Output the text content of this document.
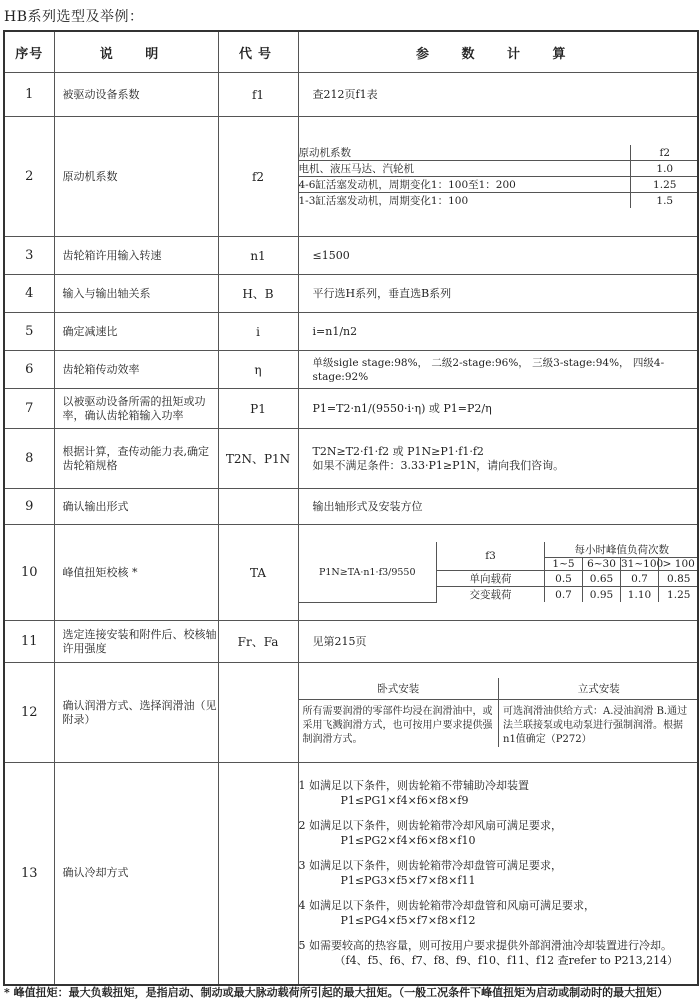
HB系列选型及举例：
序号	说 明	代号	参 数 计 算
1	被驱动设备系数	f1	查212页f1表
2	原动机系数	f2	
原动机系数	f2
电机、液压马达、汽轮机	1.0
4-6缸活塞发动机，周期变化1：100至1：200	1.25
1-3缸活塞发动机，周期变化1：100	1.5

3	齿轮箱许用输入转速	n1	≤1500
4	输入与输出轴关系	H、B	平行选H系列，垂直选B系列
5	确定减速比	i	i=n1/n2
6	齿轮箱传动效率	η	单级sigle stage:98%， 二级2-stage:96%， 三级3-stage:94%， 四级4-stage:92%
7	以被驱动设备所需的扭矩或功率，确认齿轮箱输入功率	P1	P1=T2·n1/(9550·i·η) 或 P1=P2/η
8	根据计算，查传动能力表,确定齿轮箱规格	T2N、P1N	
T2N≥T2·f1·f2 或 P1N≥P1·f1·f2
如果不满足条件：3.33·P1≥P1N，请向我们咨询。

9	确认输出形式		输出轴形式及安装方位
10	峰值扭矩校核 *	TA		P1N≥TA·n1·f3/9550	f3	每小时峰值负荷次数
1~5	6~30	31~100	> 100
单向载荷	0.5	0.65	0.7	0.85
交变载荷	0.7	0.95	1.10	1.25

11	选定连接安装和附件后、校核轴许用强度	Fr、Fa	见第215页
12	确认润滑方式、选择润滑油（见附录）		
卧式安装	立式安装
所有需要润滑的零部件均浸在润滑油中，或采用飞溅润滑方式，也可按用户要求提供强制润滑方式。	可选润滑油供给方式：A.浸油润滑 B.通过法兰联接泵或电动泵进行强制润滑。根据n1值确定（P272）

13	确认冷却方式		
1 如满足以下条件，则齿轮箱不带辅助冷却装置
P1≤PG1×f4×f6×f8×f9
2 如满足以下条件，则齿轮箱带冷却风扇可满足要求，
P1≤PG2×f4×f6×f8×f10
3 如满足以下条件，则齿轮箱带冷却盘管可满足要求，
P1≤PG3×f5×f7×f8×f11
4 如满足以下条件，则齿轮箱带冷却盘管和风扇可满足要求，
P1≤PG4×f5×f7×f8×f12
5 如需要较高的热容量，则可按用户要求提供外部润滑油冷却装置进行冷却。
（f4、f5、f6、f7、f8、f9、f10、f11、f12 查refer to P213,214）
* 峰值扭矩：最大负载扭矩，是指启动、制动或最大脉动载荷所引起的最大扭矩。（一般工况条件下峰值扭矩为启动或制动时的最大扭矩）
